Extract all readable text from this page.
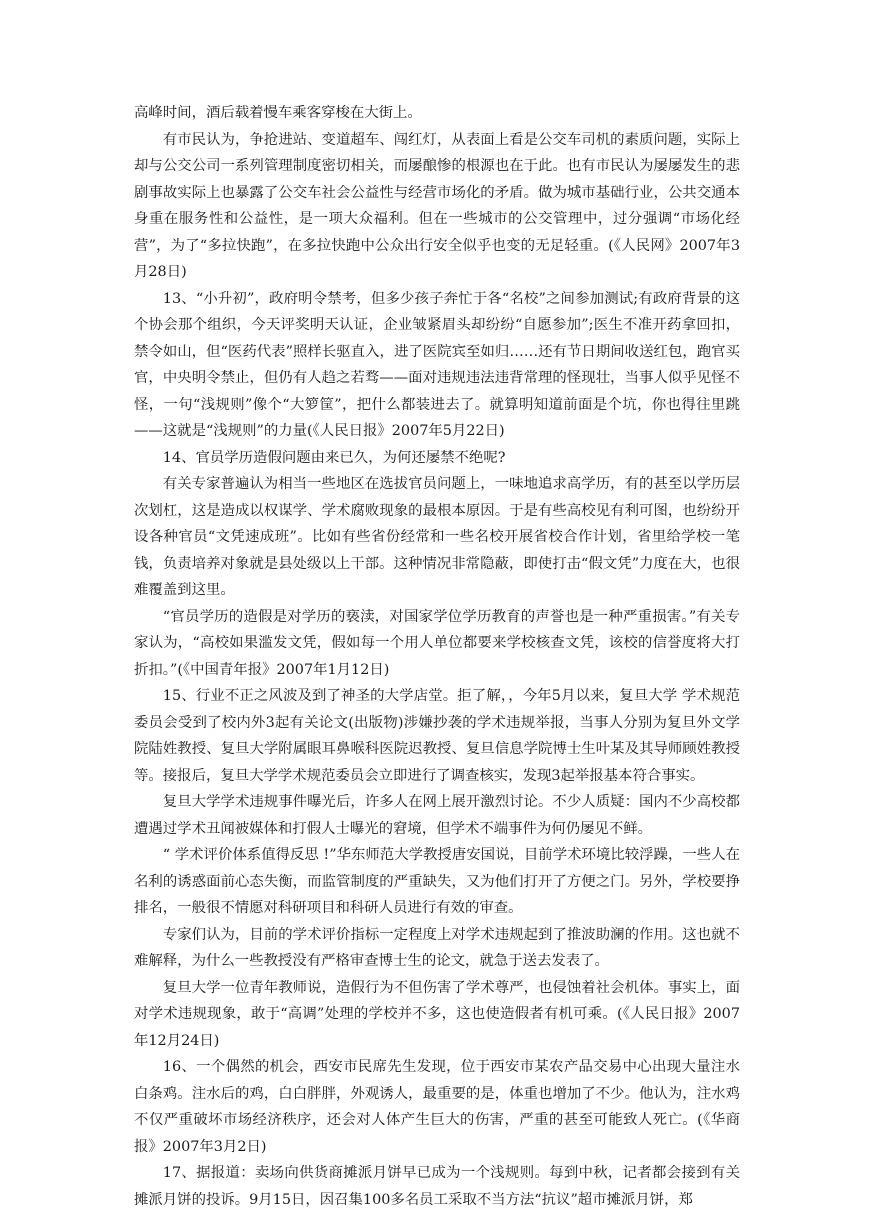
高峰时间，酒后载着慢车乘客穿梭在大街上。

有市民认为，争抢进站、变道超车、闯红灯，从表面上看是公交车司机的素质问题，实际上却与公交公司一系列管理制度密切相关，而屡酿惨的根源也在于此。也有市民认为屡屡发生的悲剧事故实际上也暴露了公交车社会公益性与经营市场化的矛盾。做为城市基础行业，公共交通本身重在服务性和公益性，是一项大众福利。但在一些城市的公交管理中，过分强调“市场化经营”，为了“多拉快跑”，在多拉快跑中公众出行安全似乎也变的无足轻重。(《人民网》2007年3月28日)

13、“小升初”，政府明令禁考，但多少孩子奔忙于各“名校”之间参加测试;有政府背景的这个协会那个组织，今天评奖明天认证，企业皱紧眉头却纷纷“自愿参加”;医生不准开药拿回扣，禁令如山，但“医药代表”照样长驱直入，进了医院宾至如归……还有节日期间收送红包，跑官买官，中央明令禁止，但仍有人趋之若骛——面对违规违法违背常理的怪现壮，当事人似乎见怪不怪，一句“浅规则”像个“大箩筐”，把什么都装进去了。就算明知道前面是个坑，你也得往里跳——这就是“浅规则”的力量(《人民日报》2007年5月22日)

14、官员学历造假问题由来已久，为何还屡禁不绝呢?

有关专家普遍认为相当一些地区在选拔官员问题上，一味地追求高学历，有的甚至以学历层次划杠，这是造成以权谋学、学术腐败现象的最根本原因。于是有些高校见有利可图，也纷纷开设各种官员“文凭速成班”。比如有些省份经常和一些名校开展省校合作计划，省里给学校一笔钱，负责培养对象就是县处级以上干部。这种情况非常隐蔽，即使打击“假文凭”力度在大，也很难覆盖到这里。

“官员学历的造假是对学历的亵渎，对国家学位学历教育的声誉也是一种严重损害。”有关专家认为，“高校如果滥发文凭，假如每一个用人单位都要来学校核查文凭，该校的信誉度将大打折扣。”(《中国青年报》2007年1月12日)

15、行业不正之风波及到了神圣的大学店堂。拒了解，，今年5月以来，复旦大学 学术规范委员会受到了校内外3起有关论文(出版物)涉嫌抄袭的学术违规举报，当事人分别为复旦外文学院陆姓教授、复旦大学附属眼耳鼻喉科医院迟教授、复旦信息学院博士生叶某及其导师顾姓教授等。接报后，复旦大学学术规范委员会立即进行了调查核实，发现3起举报基本符合事实。

复旦大学学术违规事件曝光后，许多人在网上展开激烈讨论。不少人质疑：国内不少高校都遭遇过学术丑闻被媒体和打假人士曝光的窘境，但学术不端事件为何仍屡见不鲜。

“ 学术评价体系值得反思 !”华东师范大学教授唐安国说，目前学术环境比较浮躁，一些人在名利的诱惑面前心态失衡，而监管制度的严重缺失，又为他们打开了方便之门。另外，学校要挣排名，一般很不情愿对科研项目和科研人员进行有效的审查。

专家们认为，目前的学术评价指标一定程度上对学术违规起到了推波助澜的作用。这也就不难解释，为什么一些教授没有严格审查博士生的论文，就急于送去发表了。

复旦大学一位青年教师说，造假行为不但伤害了学术尊严，也侵蚀着社会机体。事实上，面对学术违规现象，敢于“高调”处理的学校并不多，这也使造假者有机可乘。(《人民日报》2007年12月24日)

16、一个偶然的机会，西安市民席先生发现，位于西安市某农产品交易中心出现大量注水白条鸡。注水后的鸡，白白胖胖，外观诱人，最重要的是，体重也增加了不少。他认为，注水鸡不仅严重破坏市场经济秩序，还会对人体产生巨大的伤害，严重的甚至可能致人死亡。(《华商报》2007年3月2日)

17、据报道：卖场向供货商摊派月饼早已成为一个浅规则。每到中秋，记者都会接到有关摊派月饼的投诉。9月15日，因召集100多名员工采取不当方法“抗议”超市摊派月饼，郑
